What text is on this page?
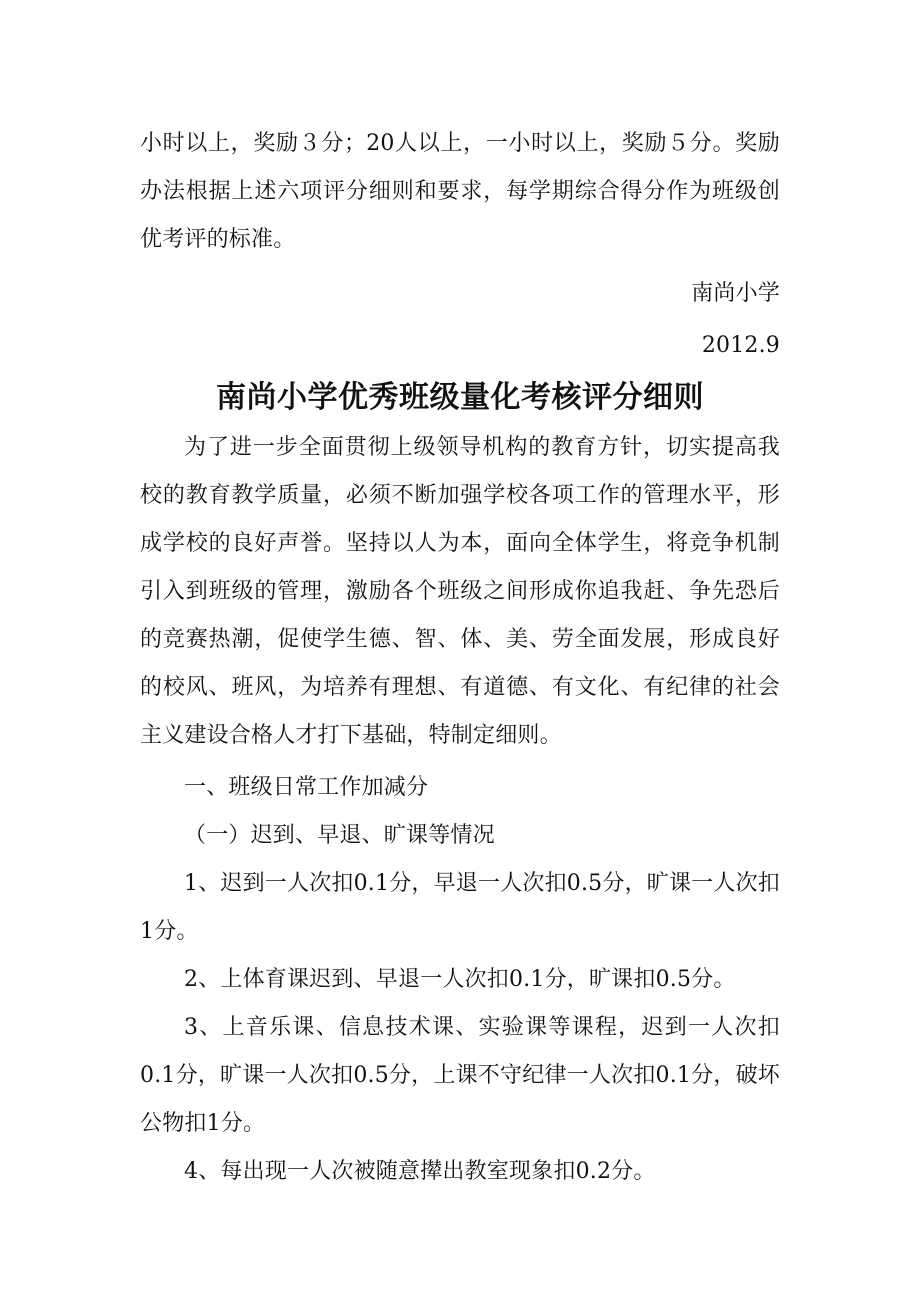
小时以上，奖励３分；20人以上，一小时以上，奖励５分。奖励办法根据上述六项评分细则和要求，每学期综合得分作为班级创优考评的标准。

南尚小学

2012.9

南尚小学优秀班级量化考核评分细则

为了进一步全面贯彻上级领导机构的教育方针，切实提高我校的教育教学质量，必须不断加强学校各项工作的管理水平，形成学校的良好声誉。坚持以人为本，面向全体学生，将竞争机制引入到班级的管理，激励各个班级之间形成你追我赶、争先恐后的竞赛热潮，促使学生德、智、体、美、劳全面发展，形成良好的校风、班风，为培养有理想、有道德、有文化、有纪律的社会主义建设合格人才打下基础，特制定细则。

一、班级日常工作加减分

（一）迟到、早退、旷课等情况

1、迟到一人次扣0.1分，早退一人次扣0.5分，旷课一人次扣1分。

2、上体育课迟到、早退一人次扣0.1分，旷课扣0.5分。

3、上音乐课、信息技术课、实验课等课程，迟到一人次扣0.1分，旷课一人次扣0.5分，上课不守纪律一人次扣0.1分，破坏公物扣1分。

4、每出现一人次被随意撵出教室现象扣0.2分。
